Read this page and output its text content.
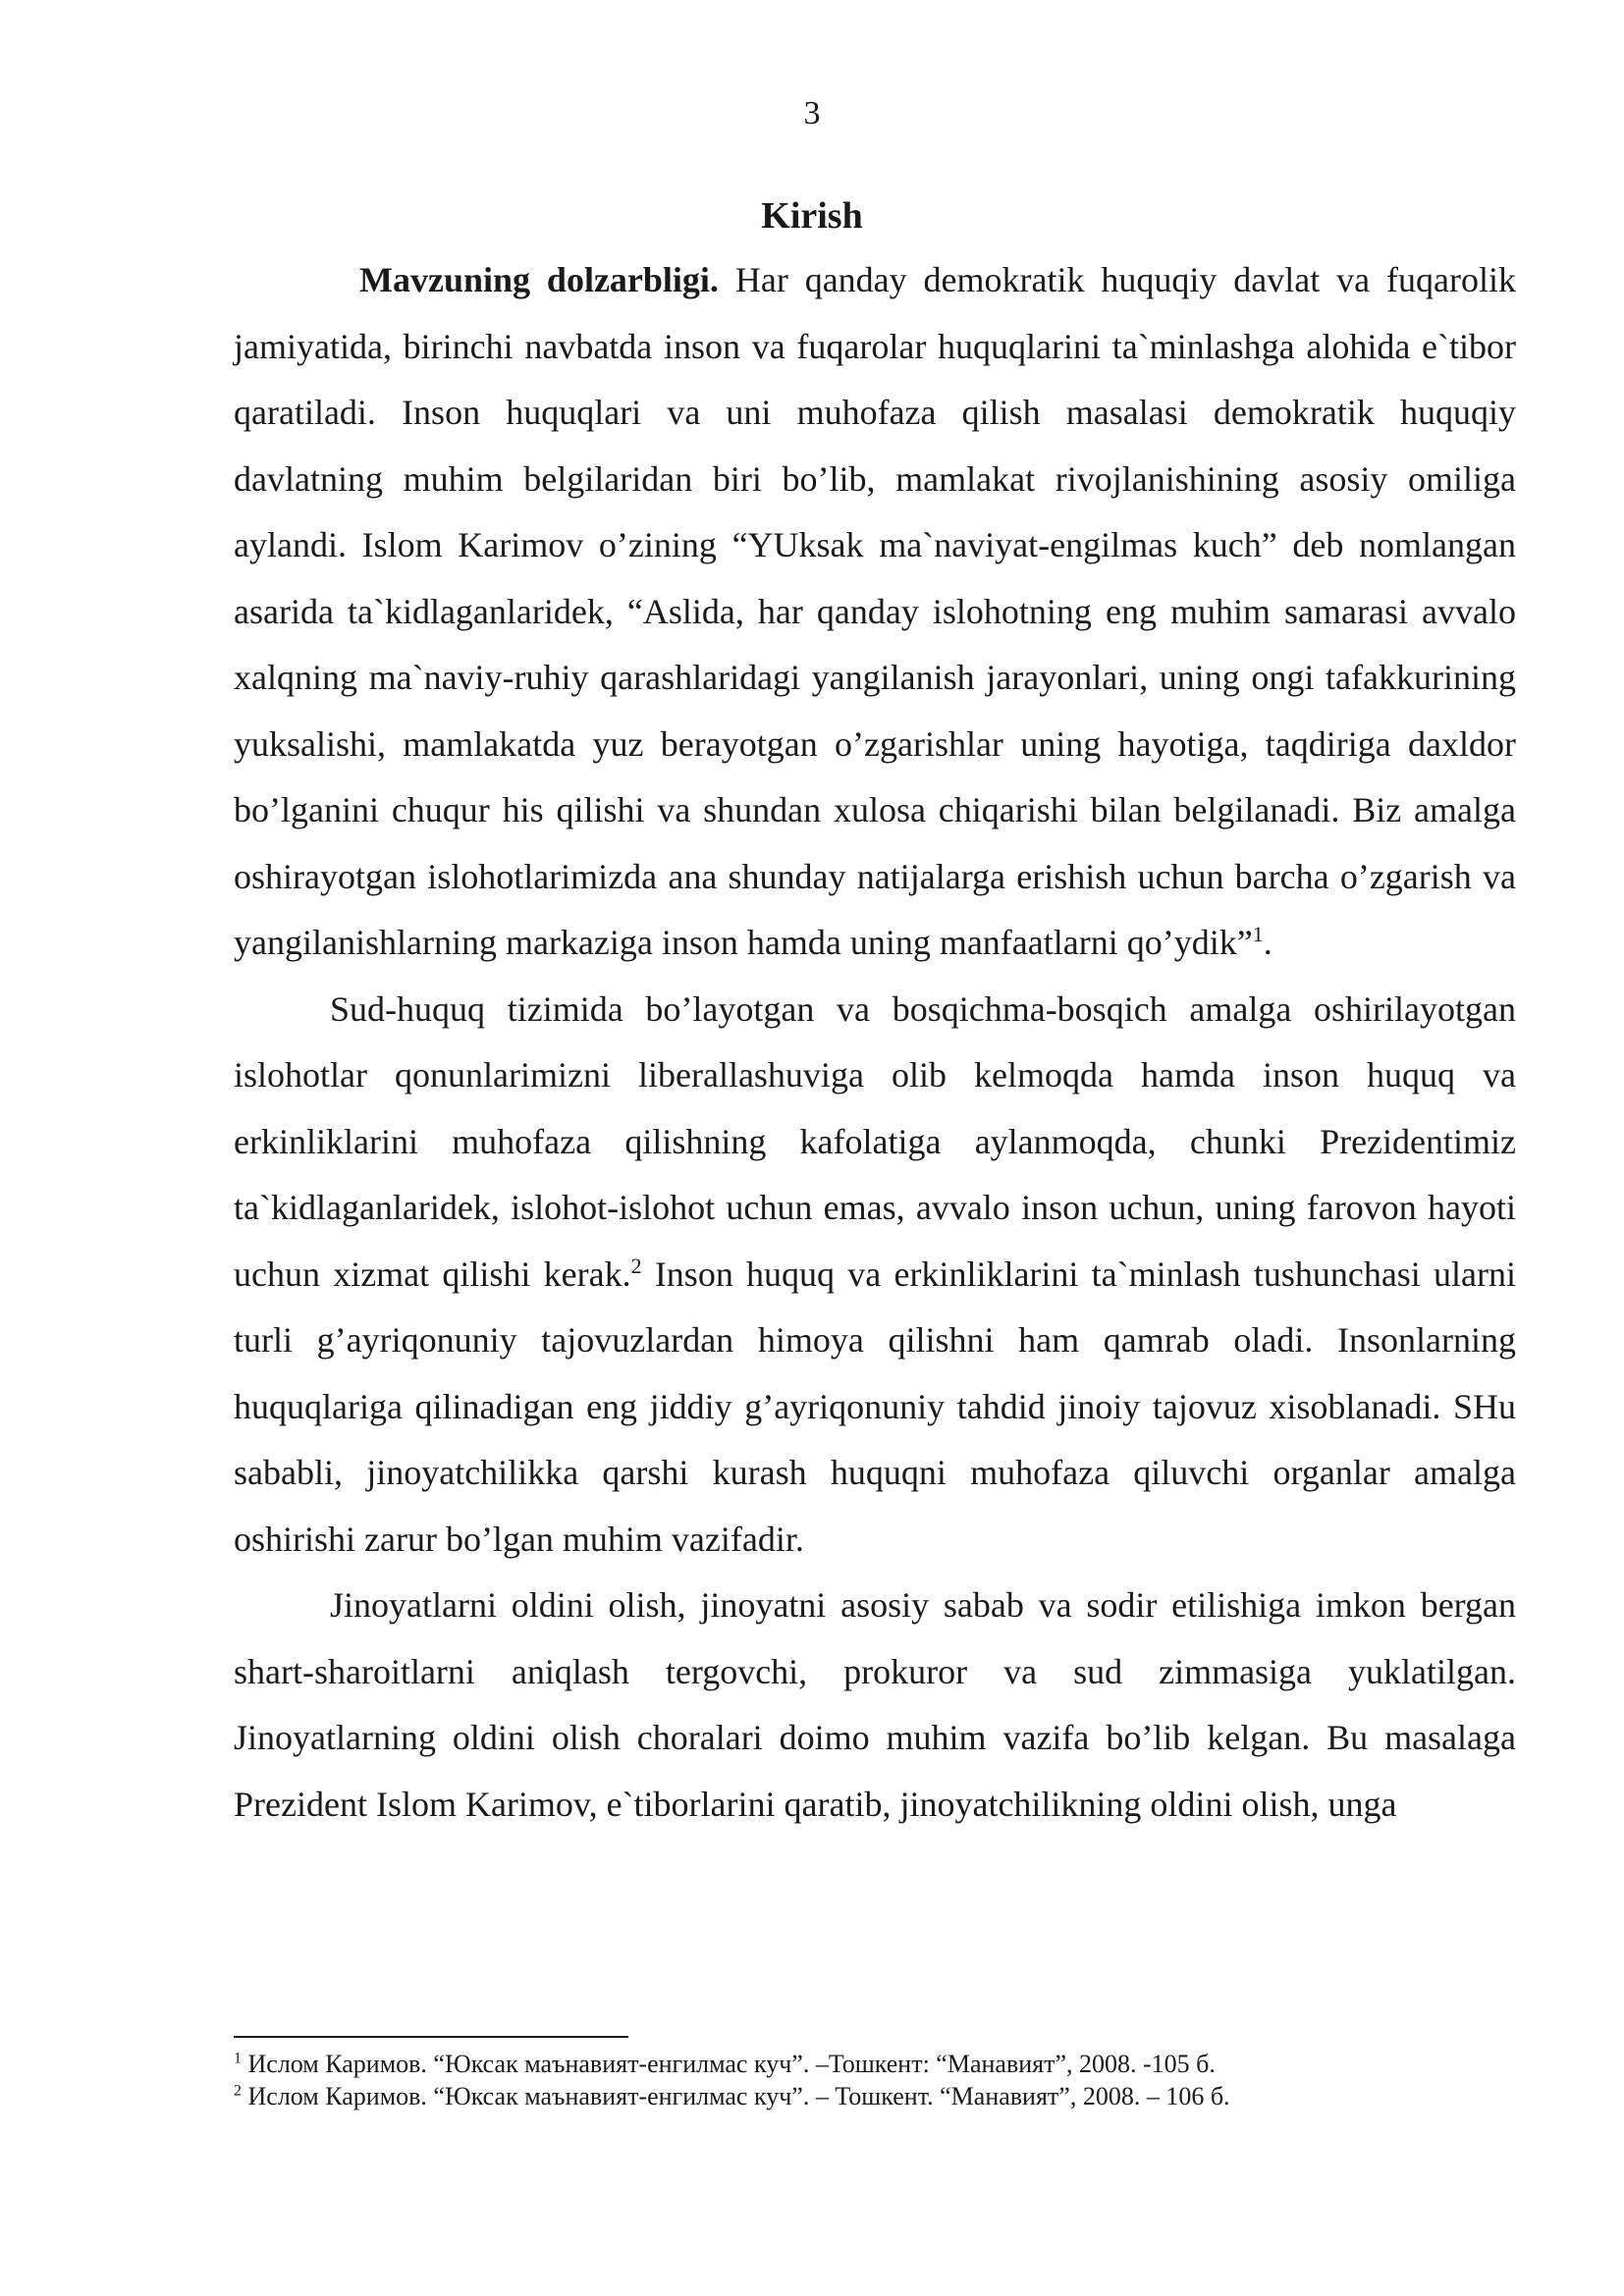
3
Kirish

Mavzuning dolzarbligi. Har qanday demokratik huquqiy davlat va fuqarolik jamiyatida, birinchi navbatda inson va fuqarolar huquqlarini ta`minlashga alohida e`tibor qaratiladi. Inson huquqlari va uni muhofaza qilish masalasi demokratik huquqiy davlatning muhim belgilaridan biri bo’lib, mamlakat rivojlanishining asosiy omiliga aylandi. Islom Karimov o’zining “YUksak ma`naviyat-engilmas kuch” deb nomlangan asarida ta`kidlaganlaridek, “Aslida, har qanday islohotning eng muhim samarasi avvalo xalqning ma`naviy-ruhiy qarashlaridagi yangilanish jarayonlari, uning ongi tafakkurining yuksalishi, mamlakatda yuz berayotgan o’zgarishlar uning hayotiga, taqdiriga daxldor bo’lganini chuqur his qilishi va shundan xulosa chiqarishi bilan belgilanadi. Biz amalga oshirayotgan islohotlarimizda ana shunday natijalarga erishish uchun barcha o’zgarish va yangilanishlarning markaziga inson hamda uning manfaatlarni qo’ydik”$^1$.

Sud-huquq tizimida bo’layotgan va bosqichma-bosqich amalga oshirilayotgan islohotlar qonunlarimizni liberallashuviga olib kelmoqda hamda inson huquq va erkinliklarini muhofaza qilishning kafolatiga aylanmoqda, chunki Prezidentimiz ta`kidlaganlaridek, islohot-islohot uchun emas, avvalo inson uchun, uning farovon hayoti uchun xizmat qilishi kerak.$^2$ Inson huquq va erkinliklarini ta`minlash tushunchasi ularni turli g’ayriqonuniy tajovuzlardan himoya qilishni ham qamrab oladi. Insonlarning huquqlariga qilinadigan eng jiddiy g’ayriqonuniy tahdid jinoiy tajovuz xisoblanadi. SHu sababli, jinoyatchilikka qarshi kurash huquqni muhofaza qiluvchi organlar amalga oshirishi zarur bo’lgan muhim vazifadir.

Jinoyatlarni oldini olish, jinoyatni asosiy sabab va sodir etilishiga imkon bergan shart-sharoitlarni aniqlash tergovchi, prokuror va sud zimmasiga yuklatilgan. Jinoyatlarning oldini olish choralari doimo muhim vazifa bo’lib kelgan. Bu masalaga Prezident Islom Karimov, e`tiborlarini qaratib, jinoyatchilikning oldini olish, unga

$^1$ Ислом Каримов. “Юксак маънавият-енгилмас куч”. –Тошкент: “Манавият”, 2008. -105 б.
$^2$ Ислом Каримов. “Юксак маънавият-енгилмас куч”. – Тошкент. “Манавият”, 2008. – 106 б.
